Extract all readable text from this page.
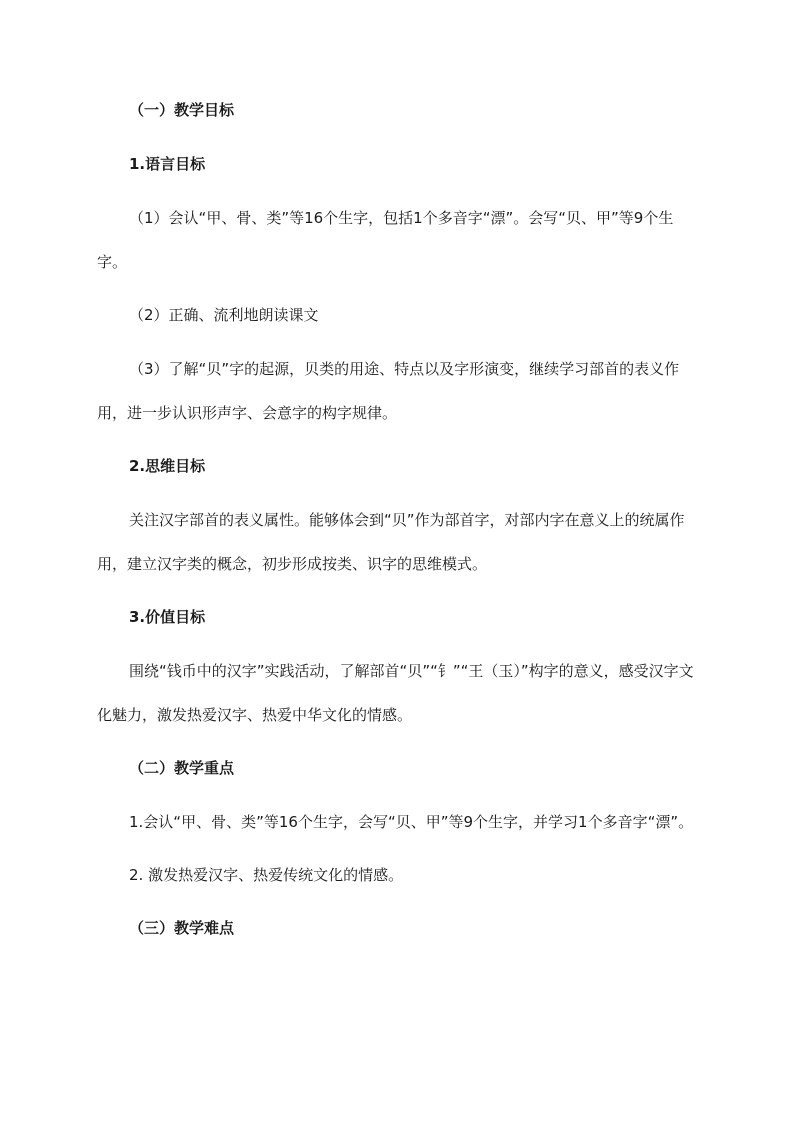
（一）教学目标

1.语言目标

（1）会认“甲、骨、类”等16个生字，包括1个多音字“漂”。会写“贝、甲”等9个生字。

（2）正确、流利地朗读课文

（3）了解“贝”字的起源，贝类的用途、特点以及字形演变，继续学习部首的表义作用，进一步认识形声字、会意字的构字规律。

2.思维目标

关注汉字部首的表义属性。能够体会到“贝”作为部首字，对部内字在意义上的统属作用，建立汉字类的概念，初步形成按类、识字的思维模式。

3.价值目标

围绕“钱币中的汉字”实践活动，了解部首“贝”“钅”“王（玉）”构字的意义，感受汉字文化魅力，激发热爱汉字、热爱中华文化的情感。

（二）教学重点

1.会认“甲、骨、类”等16个生字，会写“贝、甲”等9个生字，并学习1个多音字“漂”。

2. 激发热爱汉字、热爱传统文化的情感。

（三）教学难点
